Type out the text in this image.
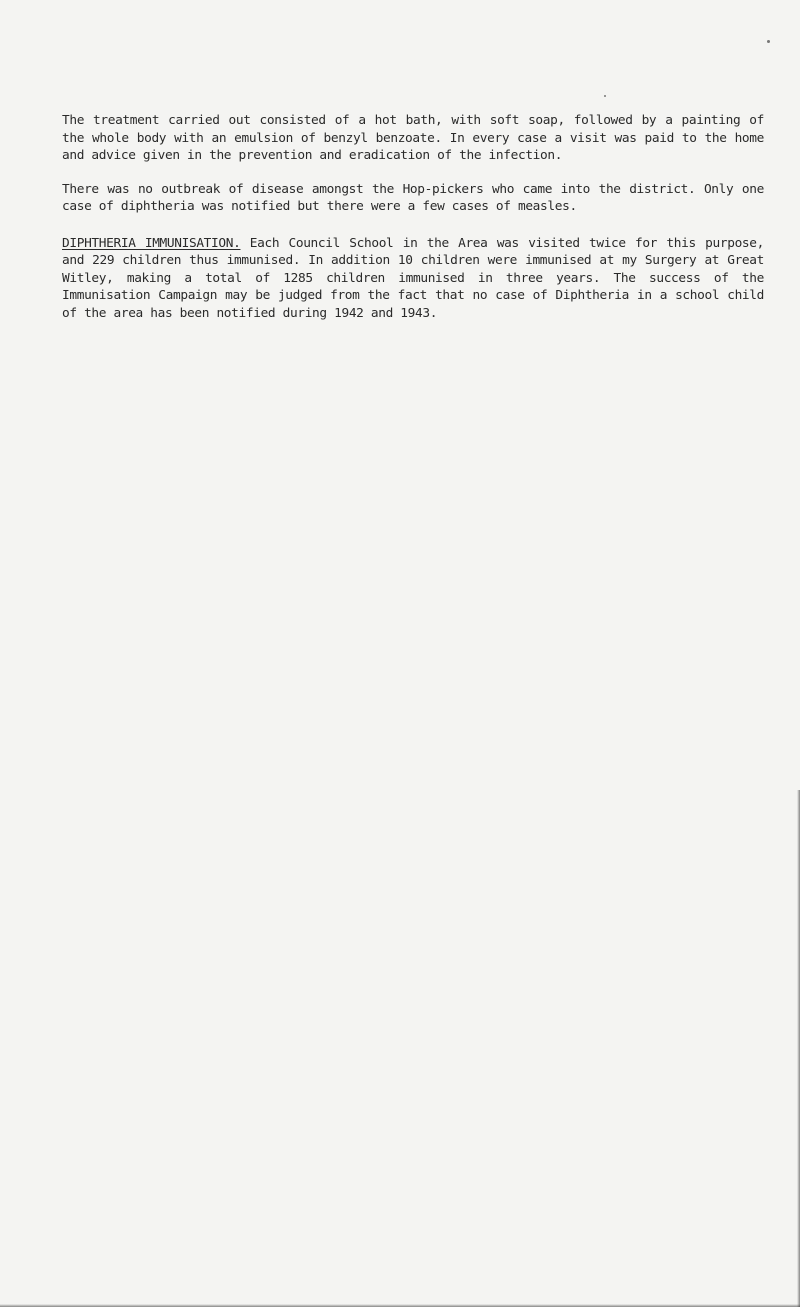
The treatment carried out consisted of a hot bath, with soft soap, followed by a painting of the whole body with an emulsion of benzyl benzoate. In every case a visit was paid to the home and advice given in the prevention and eradication of the infection.

There was no outbreak of disease amongst the Hop-pickers who came into the district. Only one case of diphtheria was notified but there were a few cases of measles.

DIPHTHERIA IMMUNISATION. Each Council School in the Area was visited twice for this purpose, and 229 children thus immunised. In addition 10 children were immunised at my Surgery at Great Witley, making a total of 1285 children immunised in three years. The success of the Immunisation Campaign may be judged from the fact that no case of Diphtheria in a school child of the area has been notified during 1942 and 1943.
